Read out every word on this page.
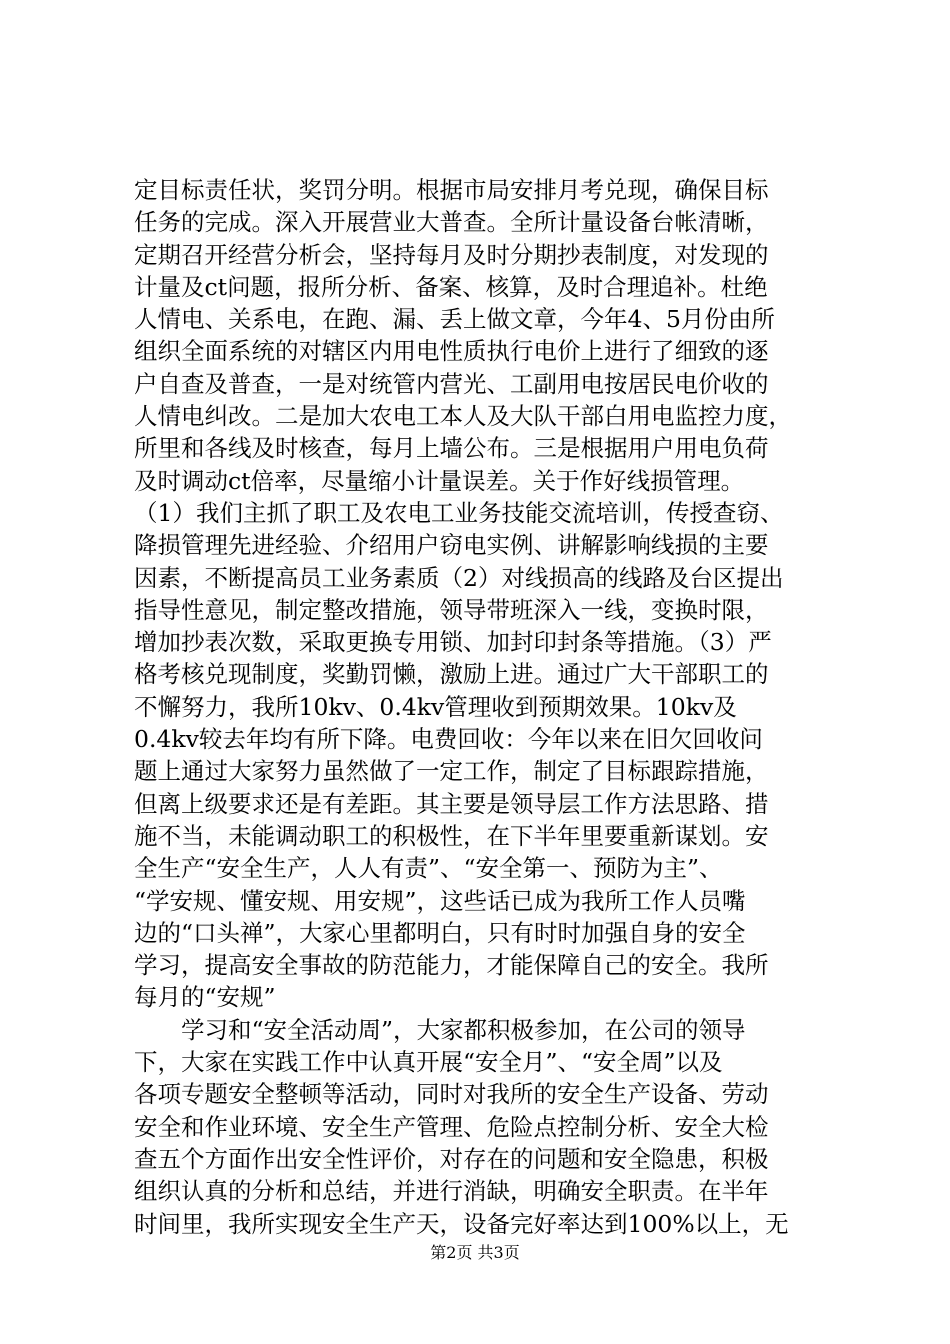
定目标责任状，奖罚分明。根据市局安排月考兑现，确保目标
任务的完成。深入开展营业大普查。全所计量设备台帐清晰，
定期召开经营分析会，坚持每月及时分期抄表制度，对发现的
计量及ct问题，报所分析、备案、核算，及时合理追补。杜绝
人情电、关系电，在跑、漏、丢上做文章，今年4、5月份由所
组织全面系统的对辖区内用电性质执行电价上进行了细致的逐
户自查及普查，一是对统管内营光、工副用电按居民电价收的
人情电纠改。二是加大农电工本人及大队干部白用电监控力度，
所里和各线及时核查，每月上墙公布。三是根据用户用电负荷
及时调动ct倍率，尽量缩小计量误差。关于作好线损管理。
（1）我们主抓了职工及农电工业务技能交流培训，传授查窃、
降损管理先进经验、介绍用户窃电实例、讲解影响线损的主要
因素，不断提高员工业务素质（2）对线损高的线路及台区提出
指导性意见，制定整改措施，领导带班深入一线，变换时限，
增加抄表次数，采取更换专用锁、加封印封条等措施。（3）严
格考核兑现制度，奖勤罚懒，激励上进。通过广大干部职工的
不懈努力，我所10kv、0.4kv管理收到预期效果。10kv及
0.4kv较去年均有所下降。电费回收：今年以来在旧欠回收问
题上通过大家努力虽然做了一定工作，制定了目标跟踪措施，
但离上级要求还是有差距。其主要是领导层工作方法思路、措
施不当，未能调动职工的积极性，在下半年里要重新谋划。安
全生产“安全生产，人人有责”、“安全第一、预防为主”、
“学安规、懂安规、用安规”，这些话已成为我所工作人员嘴
边的“口头禅”，大家心里都明白，只有时时加强自身的安全
学习，提高安全事故的防范能力，才能保障自己的安全。我所
每月的“安规”
学习和“安全活动周”，大家都积极参加，在公司的领导
下，大家在实践工作中认真开展“安全月”、“安全周”以及
各项专题安全整顿等活动，同时对我所的安全生产设备、劳动
安全和作业环境、安全生产管理、危险点控制分析、安全大检
查五个方面作出安全性评价，对存在的问题和安全隐患，积极
组织认真的分析和总结，并进行消缺，明确安全职责。在半年
时间里，我所实现安全生产天，设备完好率达到100%以上，无
第2页 共3页
